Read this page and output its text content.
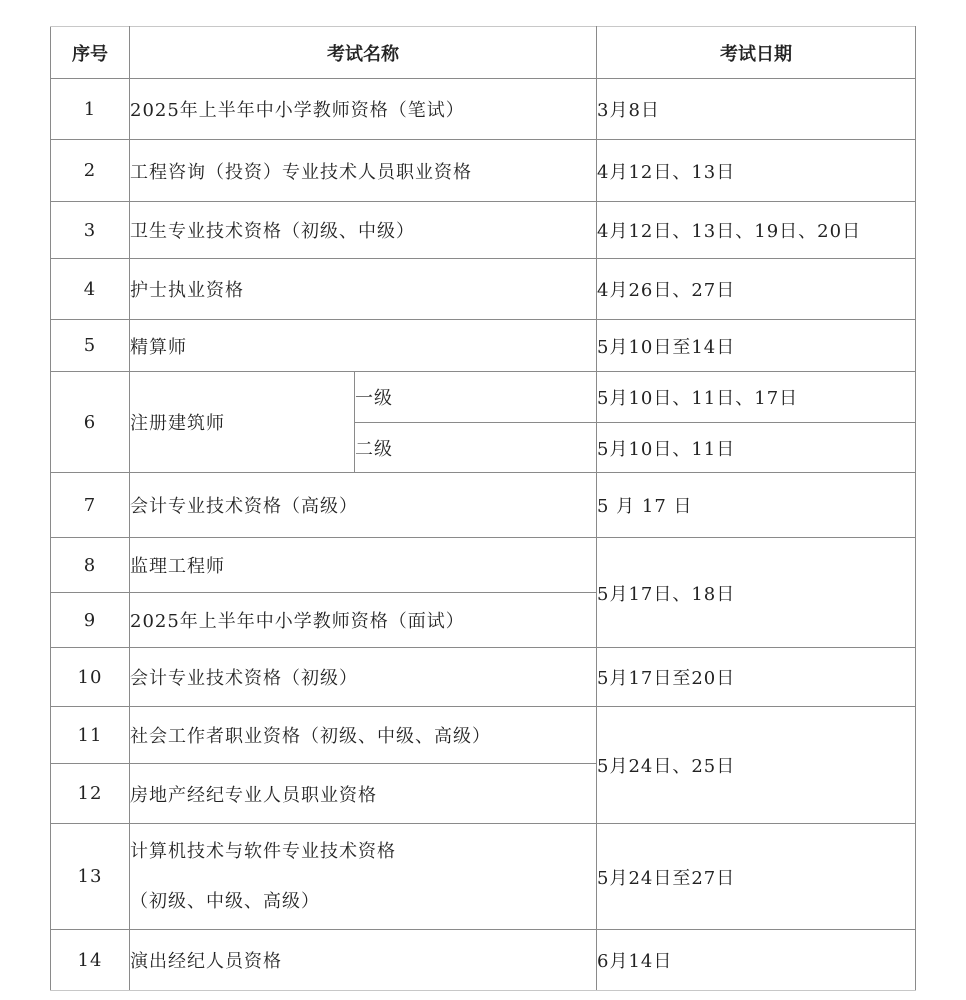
序号	考试名称		考试日期
1	2025年上半年中小学教师资格（笔试）		3月8日
2	工程咨询（投资）专业技术人员职业资格		4月12日、13日
3	卫生专业技术资格（初级、中级）		4月12日、13日、19日、20日
4	护士执业资格		4月26日、27日
5	精算师		5月10日至14日
6	注册建筑师	一级	5月10日、11日、17日
		二级	5月10日、11日
7	会计专业技术资格（高级）		5 月 17 日
8	监理工程师		5月17日、18日
9	2025年上半年中小学教师资格（面试）		
10	会计专业技术资格（初级）		5月17日至20日
11	社会工作者职业资格（初级、中级、高级）		5月24日、25日
12	房地产经纪专业人员职业资格		
13	计算机技术与软件专业技术资格
（初级、中级、高级）		5月24日至27日
14	演出经纪人员资格		6月14日
